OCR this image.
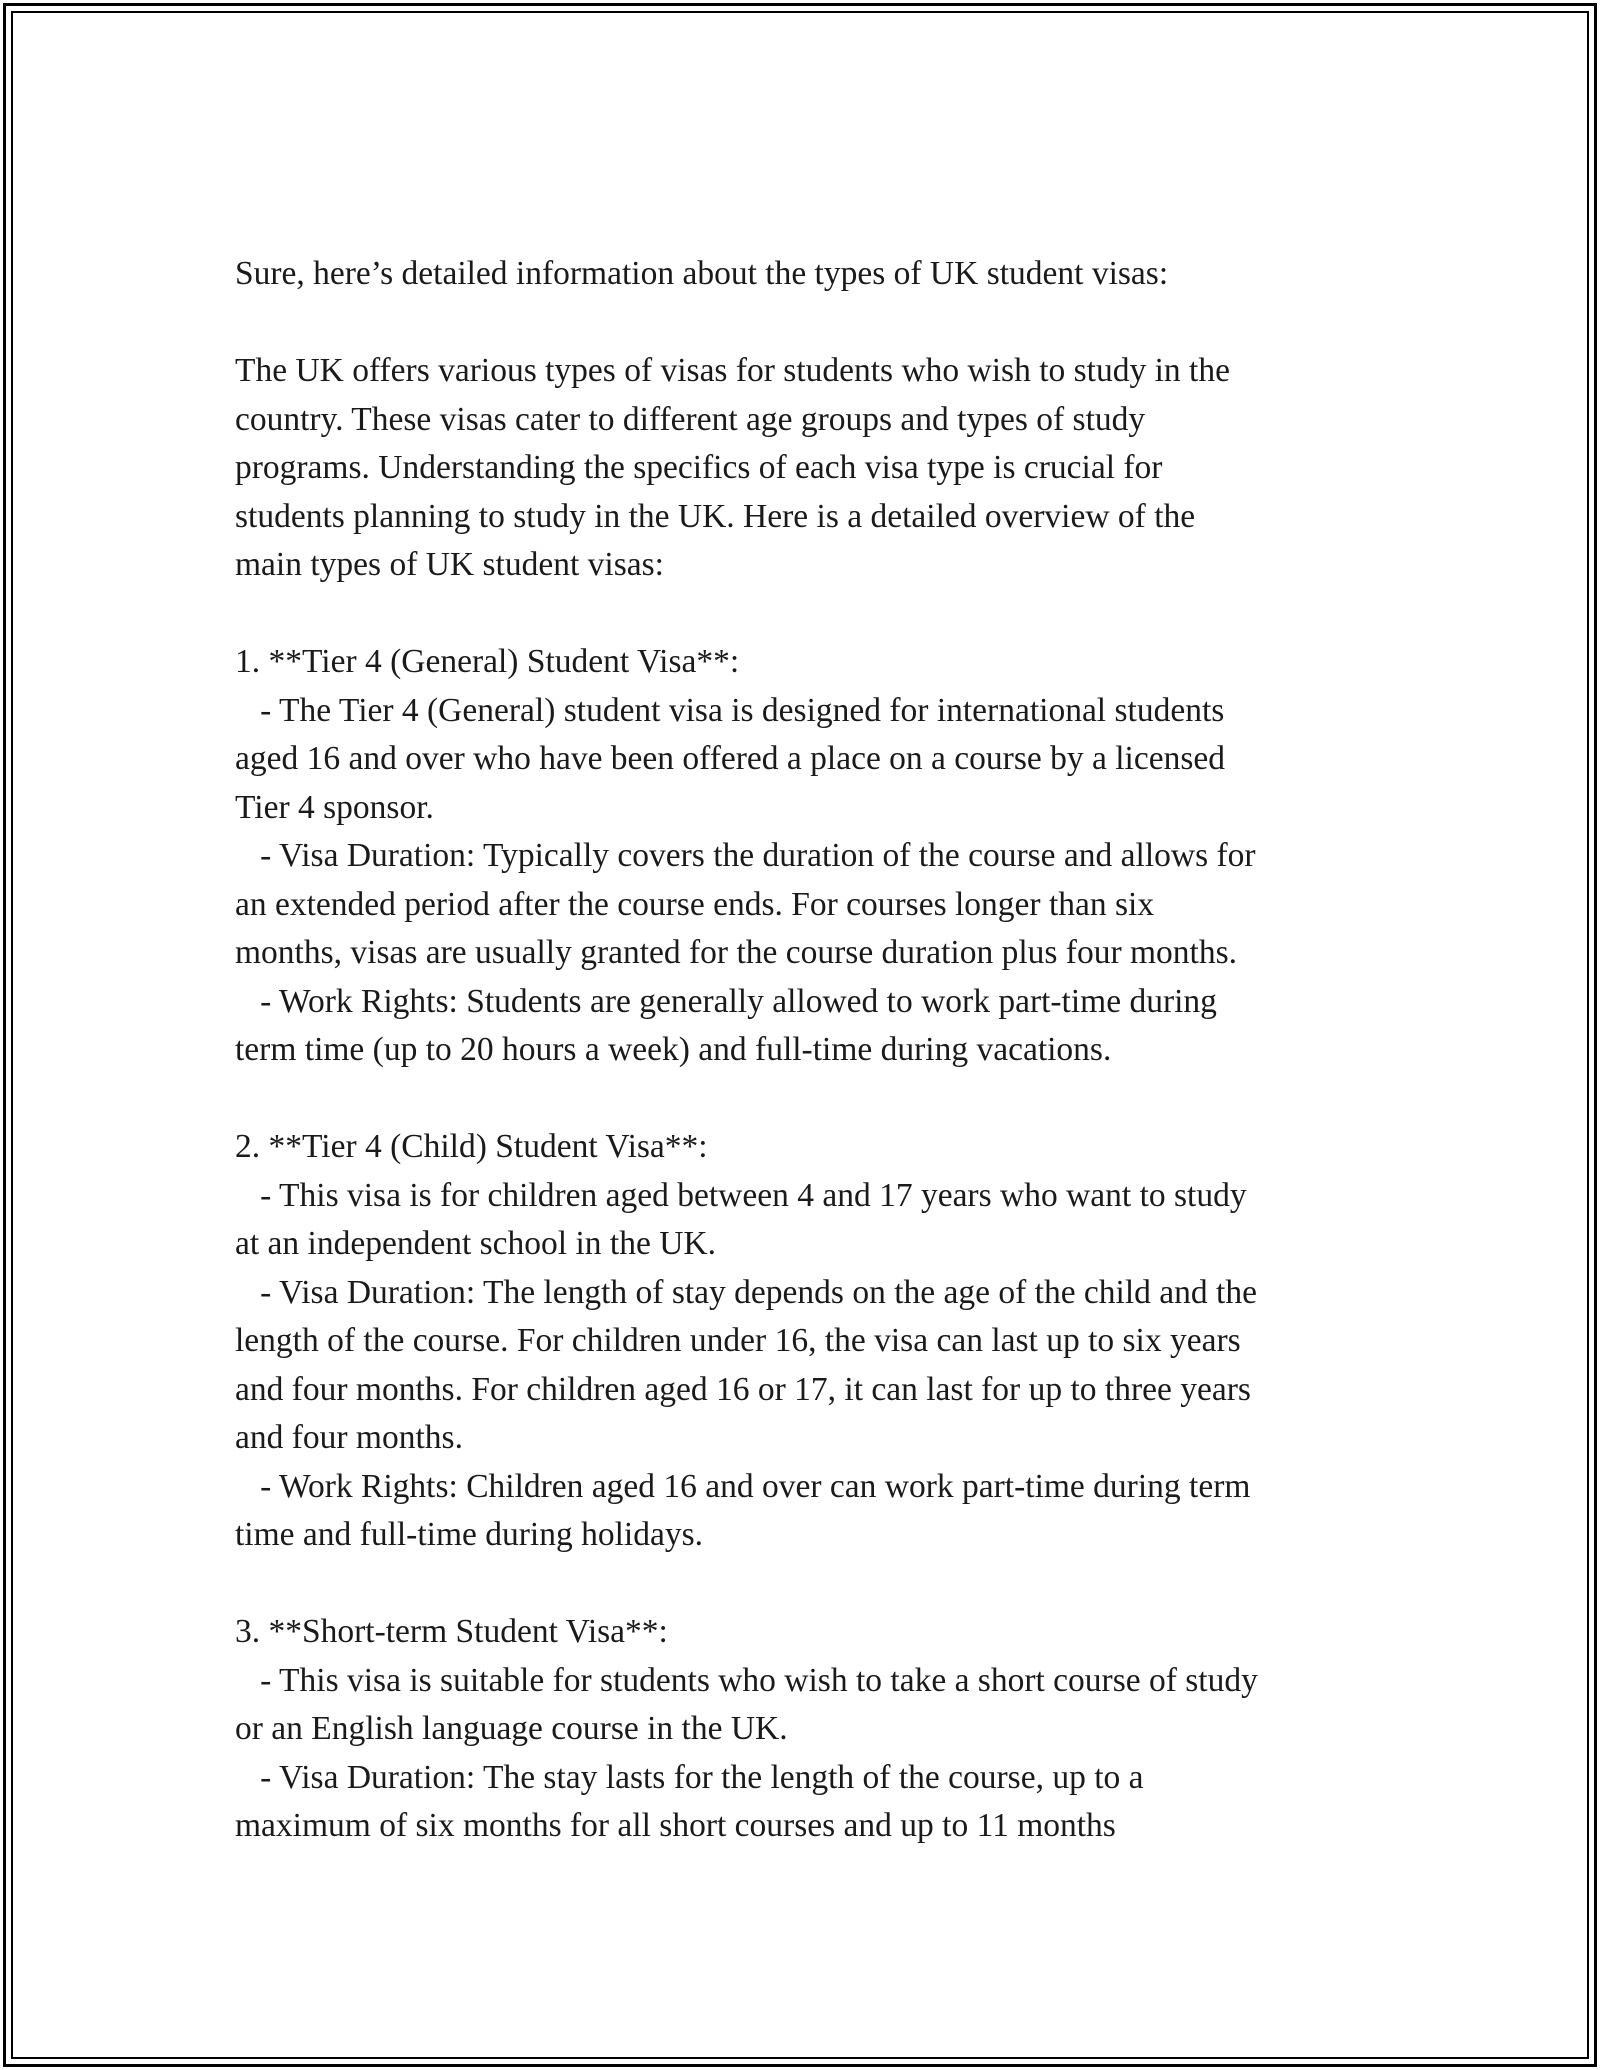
Sure, here’s detailed information about the types of UK student visas:
The UK offers various types of visas for students who wish to study in the
country. These visas cater to different age groups and types of study
programs. Understanding the specifics of each visa type is crucial for
students planning to study in the UK. Here is a detailed overview of the
main types of UK student visas:
1. **Tier 4 (General) Student Visa**:
- The Tier 4 (General) student visa is designed for international students
aged 16 and over who have been offered a place on a course by a licensed
Tier 4 sponsor.
- Visa Duration: Typically covers the duration of the course and allows for
an extended period after the course ends. For courses longer than six
months, visas are usually granted for the course duration plus four months.
- Work Rights: Students are generally allowed to work part-time during
term time (up to 20 hours a week) and full-time during vacations.
2. **Tier 4 (Child) Student Visa**:
- This visa is for children aged between 4 and 17 years who want to study
at an independent school in the UK.
- Visa Duration: The length of stay depends on the age of the child and the
length of the course. For children under 16, the visa can last up to six years
and four months. For children aged 16 or 17, it can last for up to three years
and four months.
- Work Rights: Children aged 16 and over can work part-time during term
time and full-time during holidays.
3. **Short-term Student Visa**:
- This visa is suitable for students who wish to take a short course of study
or an English language course in the UK.
- Visa Duration: The stay lasts for the length of the course, up to a
maximum of six months for all short courses and up to 11 months
